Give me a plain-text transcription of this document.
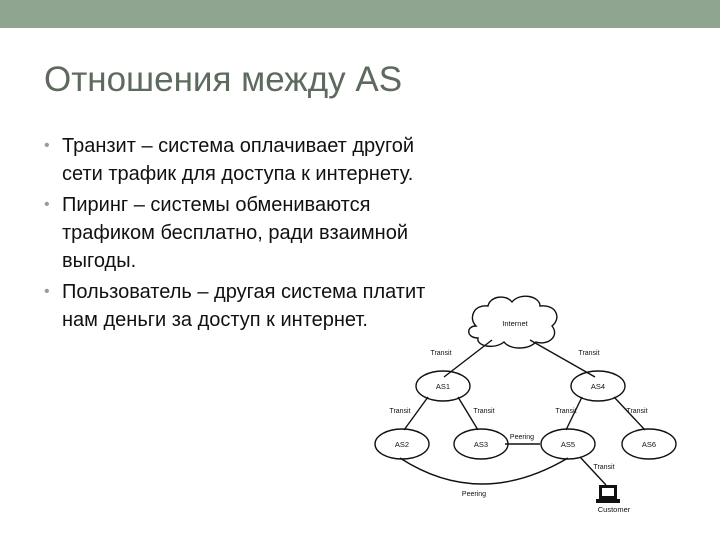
Отношения между AS
• Транзит – система оплачивает другой сети трафик для доступа к интернету.
• Пиринг – системы обмениваются трафиком бесплатно, ради взаимной выгоды.
• Пользователь – другая система платит нам деньги за доступ к интернет.	Internet
AS1	AS4
AS2	AS3	AS5	AS6
Customer
Transit	Transit
Transit	Transit	Transit	Transit
Peering
Transit
Peering
